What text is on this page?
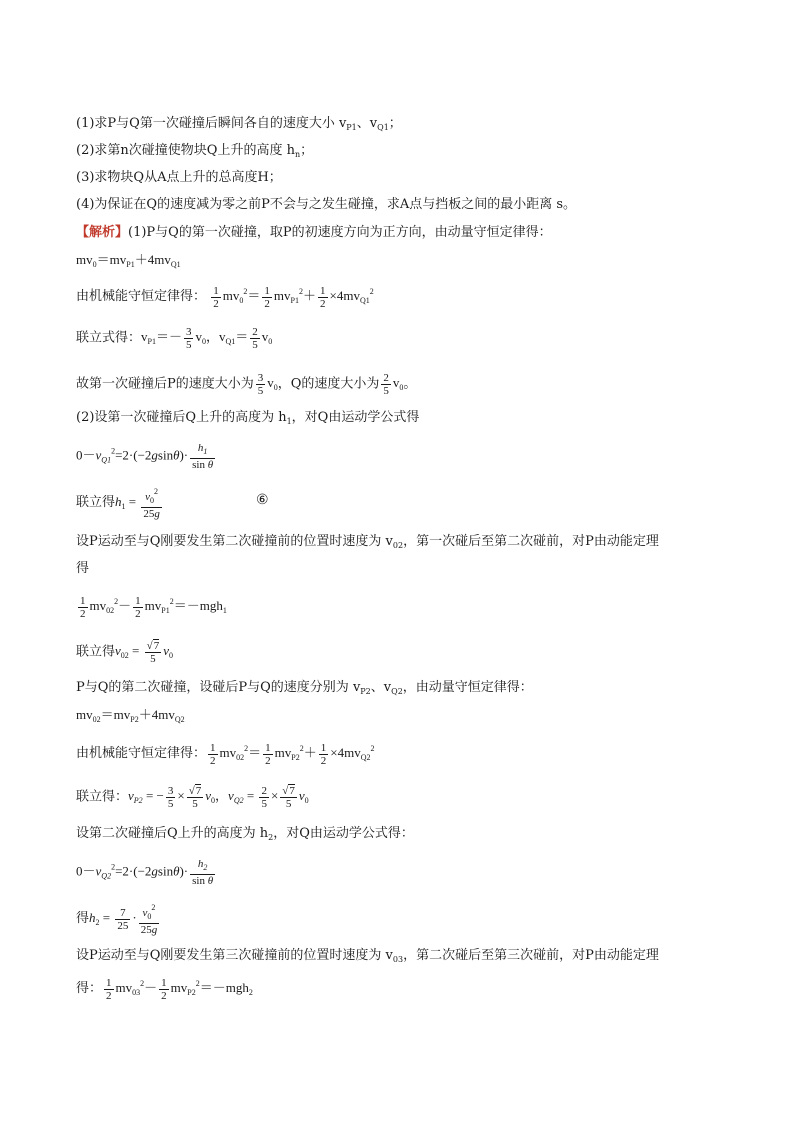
(1)求P与Q第一次碰撞后瞬间各自的速度大小 $v_{P1}$、$v_{Q1}$；
(2)求第n次碰撞使物块Q上升的高度 $h_n$；
(3)求物块Q从A点上升的总高度H；
(4)为保证在Q的速度减为零之前P不会与之发生碰撞，求A点与挡板之间的最小距离 s。
【解析】(1)P与Q的第一次碰撞，取P的初速度方向为正方向，由动量守恒定律得：
$mv_0=mv_{P1}+4mv_{Q1}$
由机械能守恒定律得： $\frac{1}{2} mv_0^2= \frac{1}{2} mv_{P1}^2+ \frac{1}{2} \times 4mv_{Q1}^2$
联立式得：$v_{P1}=- \frac{3}{5} v_0$，$v_{Q1}= \frac{2}{5} v_0$
故第一次碰撞后P的速度大小为 $\frac{3}{5} v_0$，Q的速度大小为 $\frac{2}{5} v_0$。
(2)设第一次碰撞后Q上升的高度为 $h_1$，对Q由运动学公式得
$0-v_{Q1}^2=2\cdot(-2gsin\theta)\cdot \frac{h_1}{\text{sin θ}}$
联立得$h_1 = \frac{v_0^2}{25g}$	⑥
设P运动至与Q刚要发生第二次碰撞前的位置时速度为 $v_{02}$，第一次碰后至第二次碰前，对P由动能定理
得
$\frac{1}{2} mv_{02}^2- \frac{1}{2} mv_{P1}^2=-mgh_1$
联立得$v_{02} = \frac{√7}{5} v_0$
P与Q的第二次碰撞，设碰后P与Q的速度分别为 $v_{P2}$、$v_{Q2}$，由动量守恒定律得：
$mv_{02}=mv_{P2}+4mv_{Q2}$
由机械能守恒定律得： $\frac{1}{2} mv_{02}^2= \frac{1}{2} mv_{P2}^2+ \frac{1}{2} \times 4mv_{Q2}^2$
联立得：$v_{P2}$ = − $\frac{3}{5} \times \frac{√7}{5} v_0$，$v_{Q2} = \frac{2}{5} \times \frac{√7}{5} v_0$
设第二次碰撞后Q上升的高度为 $h_2$，对Q由运动学公式得：
$0-v_{Q2}^2=2\cdot(-2gsin\theta)\cdot \frac{h_2}{\text{sin θ}}$
得$h_2 = \frac{7}{25} \cdot \frac{v_0^2}{25g}$
设P运动至与Q刚要发生第三次碰撞前的位置时速度为 $v_{03}$，第二次碰后至第三次碰前，对P由动能定理
得： $\frac{1}{2} mv_{03}^2- \frac{1}{2} mv_{P2}^2=-mgh_2$
